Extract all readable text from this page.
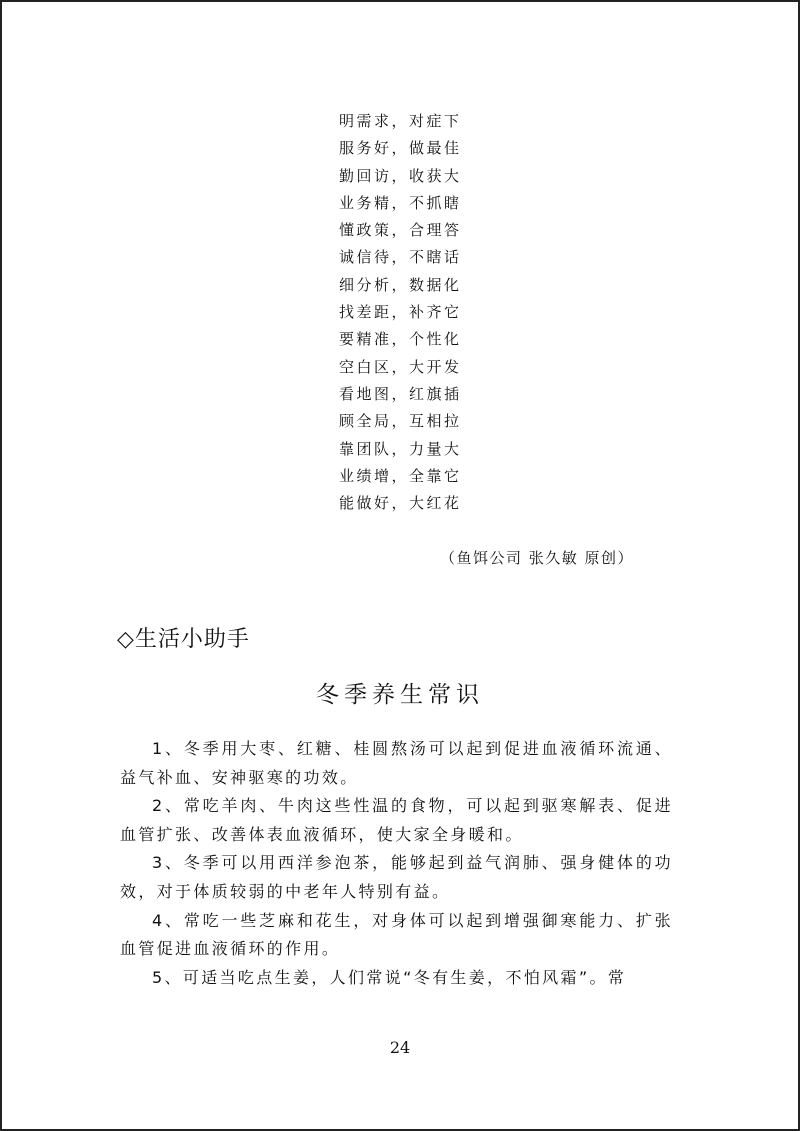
明需求，对症下

服务好，做最佳

勤回访，收获大

业务精，不抓瞎

懂政策，合理答

诚信待，不瞎话

细分析，数据化

找差距，补齐它

要精准，个性化

空白区，大开发

看地图，红旗插

顾全局，互相拉

靠团队，力量大

业绩增，全靠它

能做好，大红花

（鱼饵公司 张久敏 原创）
◇生活小助手
冬季养生常识

1、冬季用大枣、红糖、桂圆熬汤可以起到促进血液循环流通、益气补血、安神驱寒的功效。

2、常吃羊肉、牛肉这些性温的食物，可以起到驱寒解表、促进血管扩张、改善体表血液循环，使大家全身暖和。

3、冬季可以用西洋参泡茶，能够起到益气润肺、强身健体的功效，对于体质较弱的中老年人特别有益。

4、常吃一些芝麻和花生，对身体可以起到增强御寒能力、扩张血管促进血液循环的作用。

5、可适当吃点生姜，人们常说“冬有生姜，不怕风霜”。常

24
